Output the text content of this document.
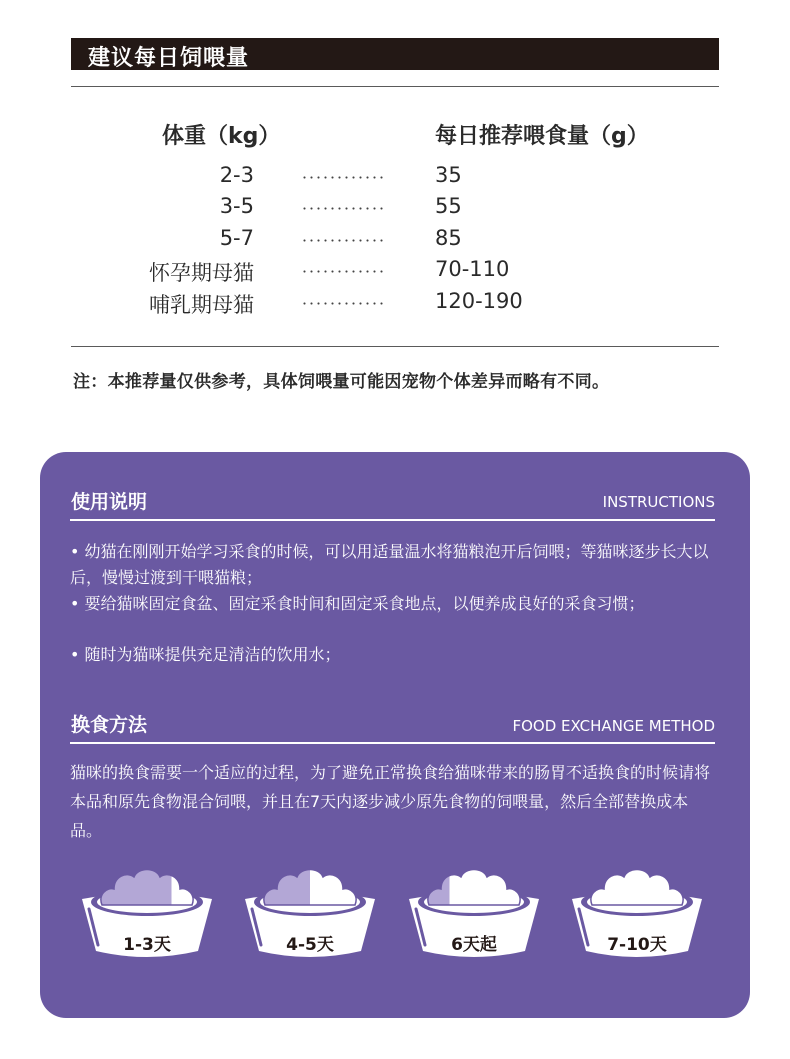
建议每日饲喂量
体重（kg）	每日推荐喂食量（g）
2-3	35
3-5	55
5-7	85
怀孕期母猫	70-110
哺乳期母猫	120-190
注：本推荐量仅供参考，具体饲喂量可能因宠物个体差异而略有不同。
使用说明	INSTRUCTIONS
• 幼猫在刚刚开始学习采食的时候，可以用适量温水将猫粮泡开后饲喂；等猫咪逐步长大以后，慢慢过渡到干喂猫粮；
• 要给猫咪固定食盆、固定采食时间和固定采食地点，以便养成良好的采食习惯；
• 随时为猫咪提供充足清洁的饮用水；
换食方法	FOOD EXCHANGE METHOD
猫咪的换食需要一个适应的过程，为了避免正常换食给猫咪带来的肠胃不适换食的时候请将本品和原先食物混合饲喂，并且在7天内逐步减少原先食物的饲喂量，然后全部替换成本品。
1-3天	4-5天	6天起	7-10天
